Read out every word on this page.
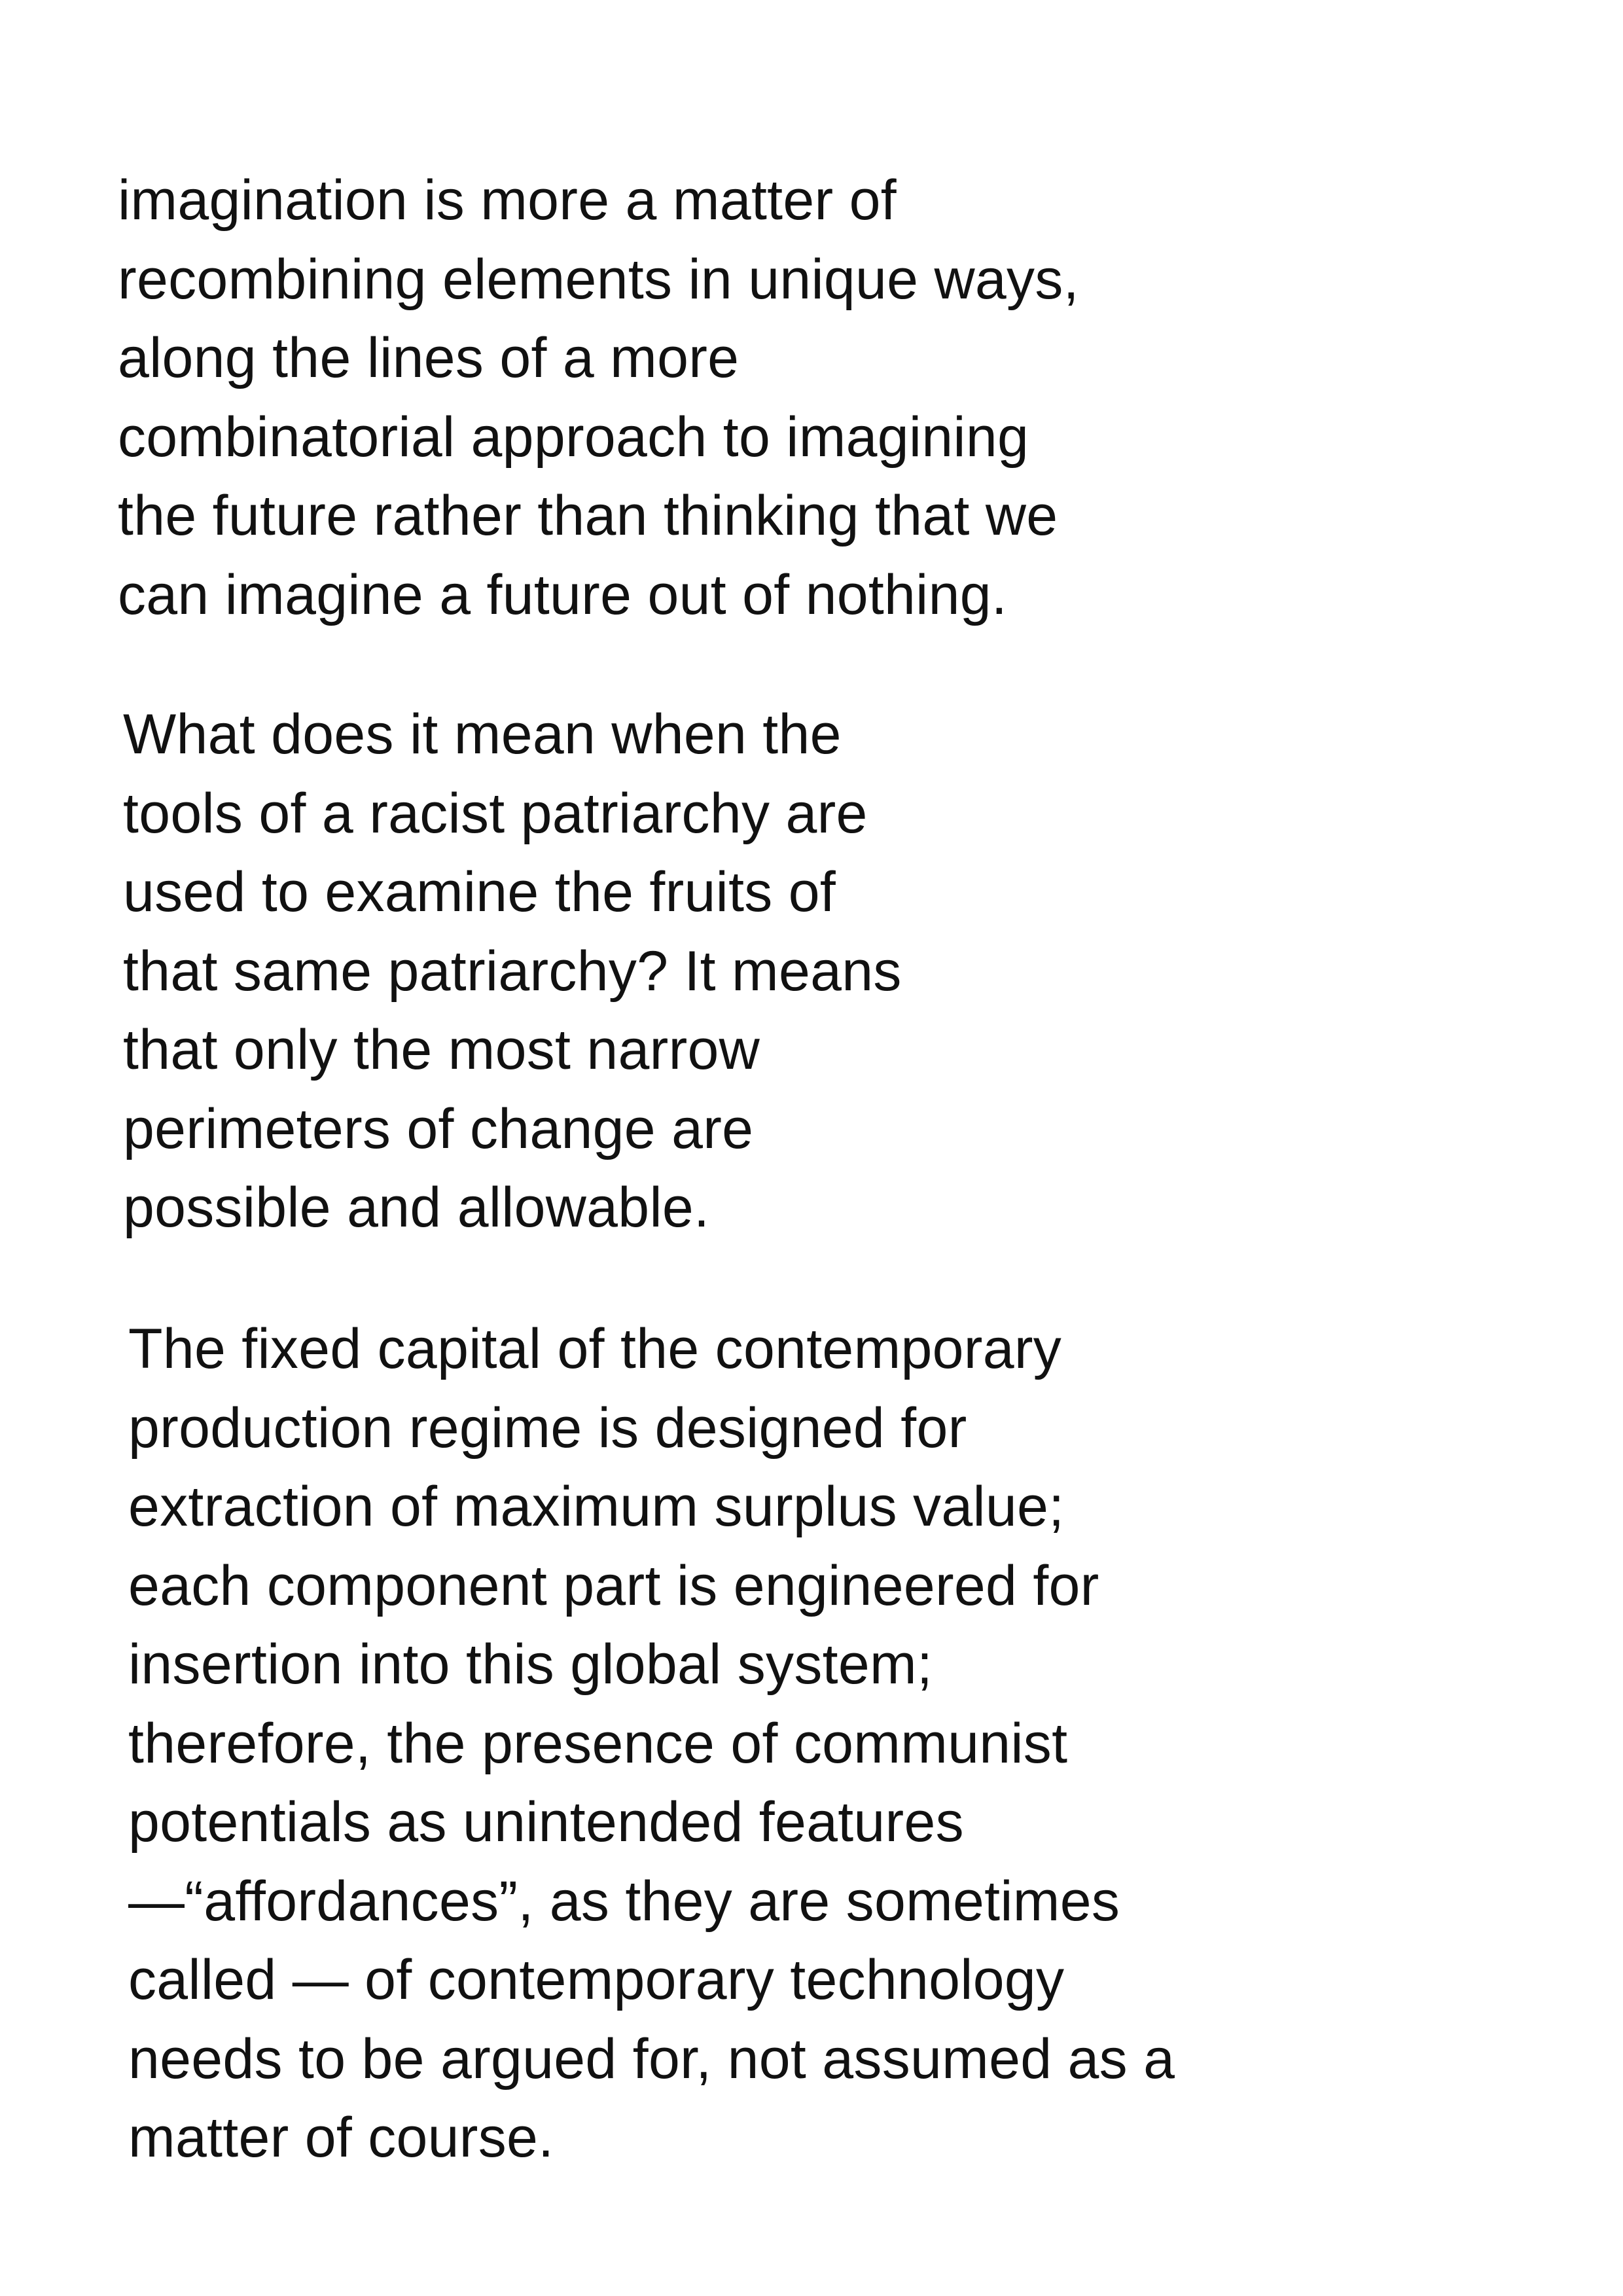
imagination is more a matter of
recombining elements in unique ways,
along the lines of a more
combinatorial approach to imagining
the future rather than thinking that we
can imagine a future out of nothing.

What does it mean when the
tools of a racist patriarchy are
used to examine the fruits of
that same patriarchy? It means
that only the most narrow
perimeters of change are
possible and allowable.

The fixed capital of the contemporary
production regime is designed for
extraction of maximum surplus value;
each component part is engineered for
insertion into this global system;
therefore, the presence of communist
potentials as unintended features
—“affordances”, as they are sometimes
called — of contemporary technology
needs to be argued for, not assumed as a
matter of course.
